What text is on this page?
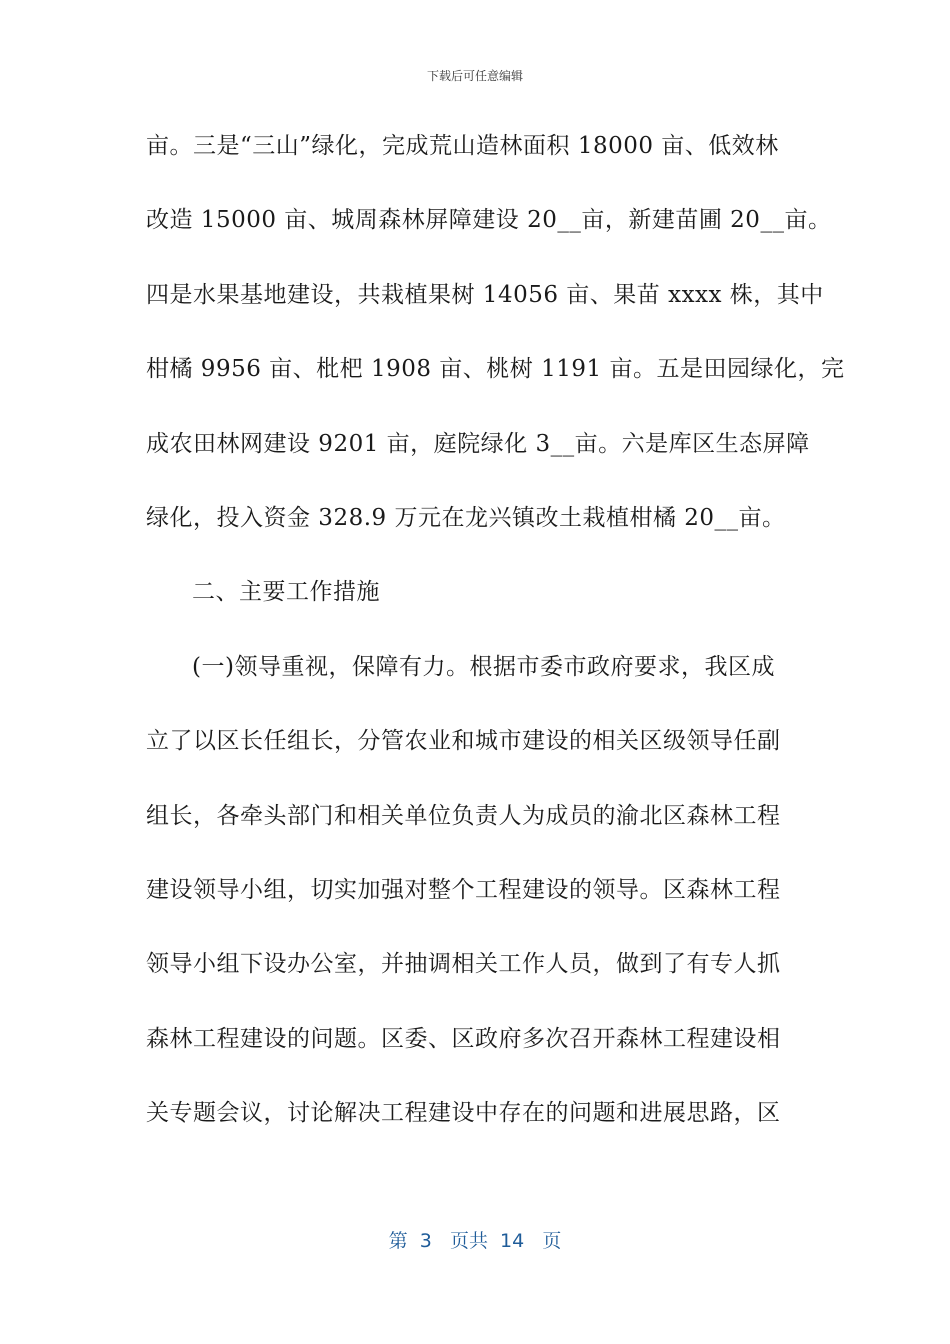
下载后可任意编辑
亩。三是“三山”绿化，完成荒山造林面积 18000 亩、低效林
改造 15000 亩、城周森林屏障建设 20__亩，新建苗圃 20__亩。
四是水果基地建设，共栽植果树 14056 亩、果苗 xxxx 株，其中
柑橘 9956 亩、枇杷 1908 亩、桃树 1191 亩。五是田园绿化，完
成农田林网建设 9201 亩，庭院绿化 3__亩。六是库区生态屏障
绿化，投入资金 328.9 万元在龙兴镇改土栽植柑橘 20__亩。
二、主要工作措施
(一)领导重视，保障有力。根据市委市政府要求，我区成
立了以区长任组长，分管农业和城市建设的相关区级领导任副
组长，各牵头部门和相关单位负责人为成员的渝北区森林工程
建设领导小组，切实加强对整个工程建设的领导。区森林工程
领导小组下设办公室，并抽调相关工作人员，做到了有专人抓
森林工程建设的问题。区委、区政府多次召开森林工程建设相
关专题会议，讨论解决工程建设中存在的问题和进展思路，区
第  3   页共  14   页
